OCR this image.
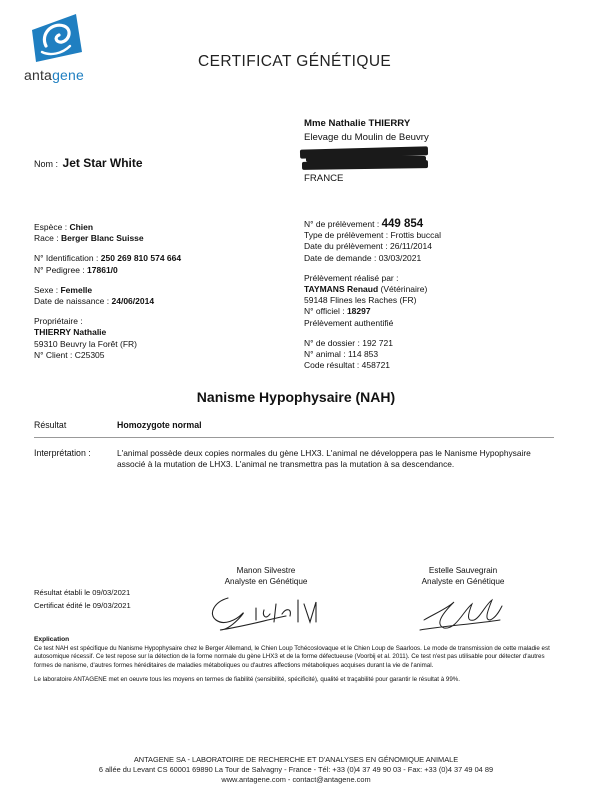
antagene
CERTIFICAT GÉNÉTIQUE
Mme Nathalie THIERRY
Elevage du Moulin de Beuvry
FRANCE
Nom : Jet Star White
Espèce : Chien
Race : Berger Blanc Suisse
N° Identification : 250 269 810 574 664
N° Pedigree : 17861/0
Sexe : Femelle
Date de naissance : 24/06/2014
Propriétaire :
THIERRY Nathalie
59310 Beuvry la Forêt (FR)
N° Client : C25305
N° de prélèvement : 449 854
Type de prélèvement : Frottis buccal
Date du prélèvement : 26/11/2014
Date de demande : 03/03/2021
Prélèvement réalisé par :
TAYMANS Renaud (Vétérinaire)
59148 Flines les Raches (FR)
N° officiel : 18297
Prélèvement authentifié
N° de dossier : 192 721
N° animal : 114 853
Code résultat : 458721
Nanisme Hypophysaire (NAH)
Résultat	Homozygote normal
Interprétation :	L'animal possède deux copies normales du gène LHX3. L'animal ne développera pas le Nanisme Hypophysaire associé à la mutation de LHX3. L'animal ne transmettra pas la mutation à sa descendance.
Manon Silvestre
Analyste en Génétique
Estelle Sauvegrain
Analyste en Génétique
Résultat établi le 09/03/2021
Certificat édité le 09/03/2021

Explication

Ce test NAH est spécifique du Nanisme Hypophysaire chez le Berger Allemand, le Chien Loup Tchécoslovaque et le Chien Loup de Saarloos. Le mode de transmission de cette maladie est autosomique récessif. Ce test repose sur la détection de la forme normale du gène LHX3 et de la forme défectueuse (Voorbij et al. 2011). Ce test n'est pas utilisable pour détecter d'autres formes de nanisme, d'autres formes héréditaires de maladies métaboliques ou d'autres affections métaboliques acquises durant la vie de l'animal.

Le laboratoire ANTAGENE met en oeuvre tous les moyens en termes de fiabilité (sensibilité, spécificité), qualité et traçabilité pour garantir le résultat à 99%.

ANTAGENE SA - LABORATOIRE DE RECHERCHE ET D'ANALYSES EN GÉNOMIQUE ANIMALE
6 allée du Levant CS 60001 69890 La Tour de Salvagny - France - Tél: +33 (0)4 37 49 90 03 - Fax: +33 (0)4 37 49 04 89
www.antagene.com - contact@antagene.com
